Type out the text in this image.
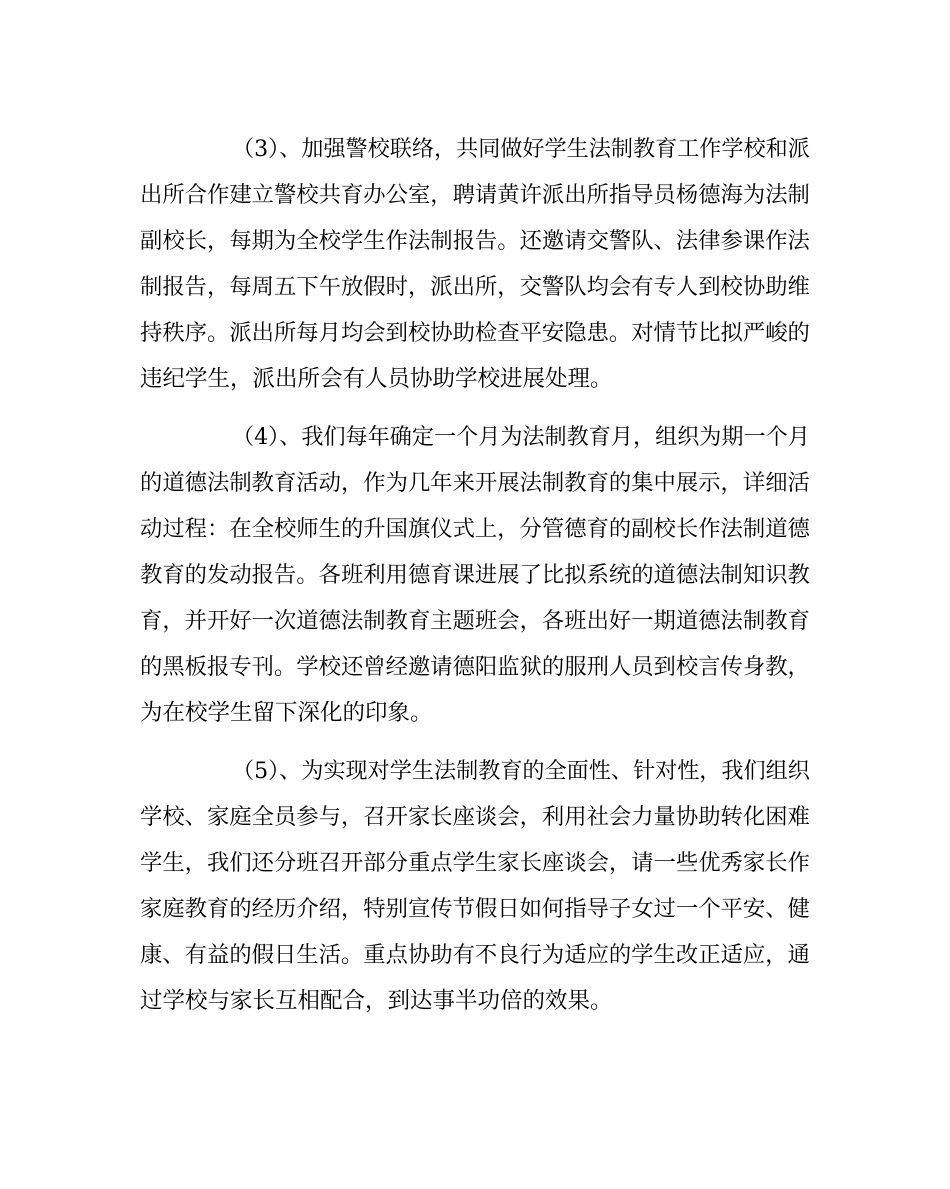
（3）、加强警校联络，共同做好学生法制教育工作学校和派
出所合作建立警校共育办公室，聘请黄许派出所指导员杨德海为法制
副校长，每期为全校学生作法制报告。还邀请交警队、法律参课作法
制报告，每周五下午放假时，派出所，交警队均会有专人到校协助维
持秩序。派出所每月均会到校协助检查平安隐患。对情节比拟严峻的
违纪学生，派出所会有人员协助学校进展处理。
（4）、我们每年确定一个月为法制教育月，组织为期一个月
的道德法制教育活动，作为几年来开展法制教育的集中展示，详细活
动过程：在全校师生的升国旗仪式上，分管德育的副校长作法制道德
教育的发动报告。各班利用德育课进展了比拟系统的道德法制知识教
育，并开好一次道德法制教育主题班会，各班出好一期道德法制教育
的黑板报专刊。学校还曾经邀请德阳监狱的服刑人员到校言传身教，
为在校学生留下深化的印象。
（5）、为实现对学生法制教育的全面性、针对性，我们组织
学校、家庭全员参与，召开家长座谈会，利用社会力量协助转化困难
学生，我们还分班召开部分重点学生家长座谈会，请一些优秀家长作
家庭教育的经历介绍，特别宣传节假日如何指导子女过一个平安、健
康、有益的假日生活。重点协助有不良行为适应的学生改正适应，通
过学校与家长互相配合，到达事半功倍的效果。
